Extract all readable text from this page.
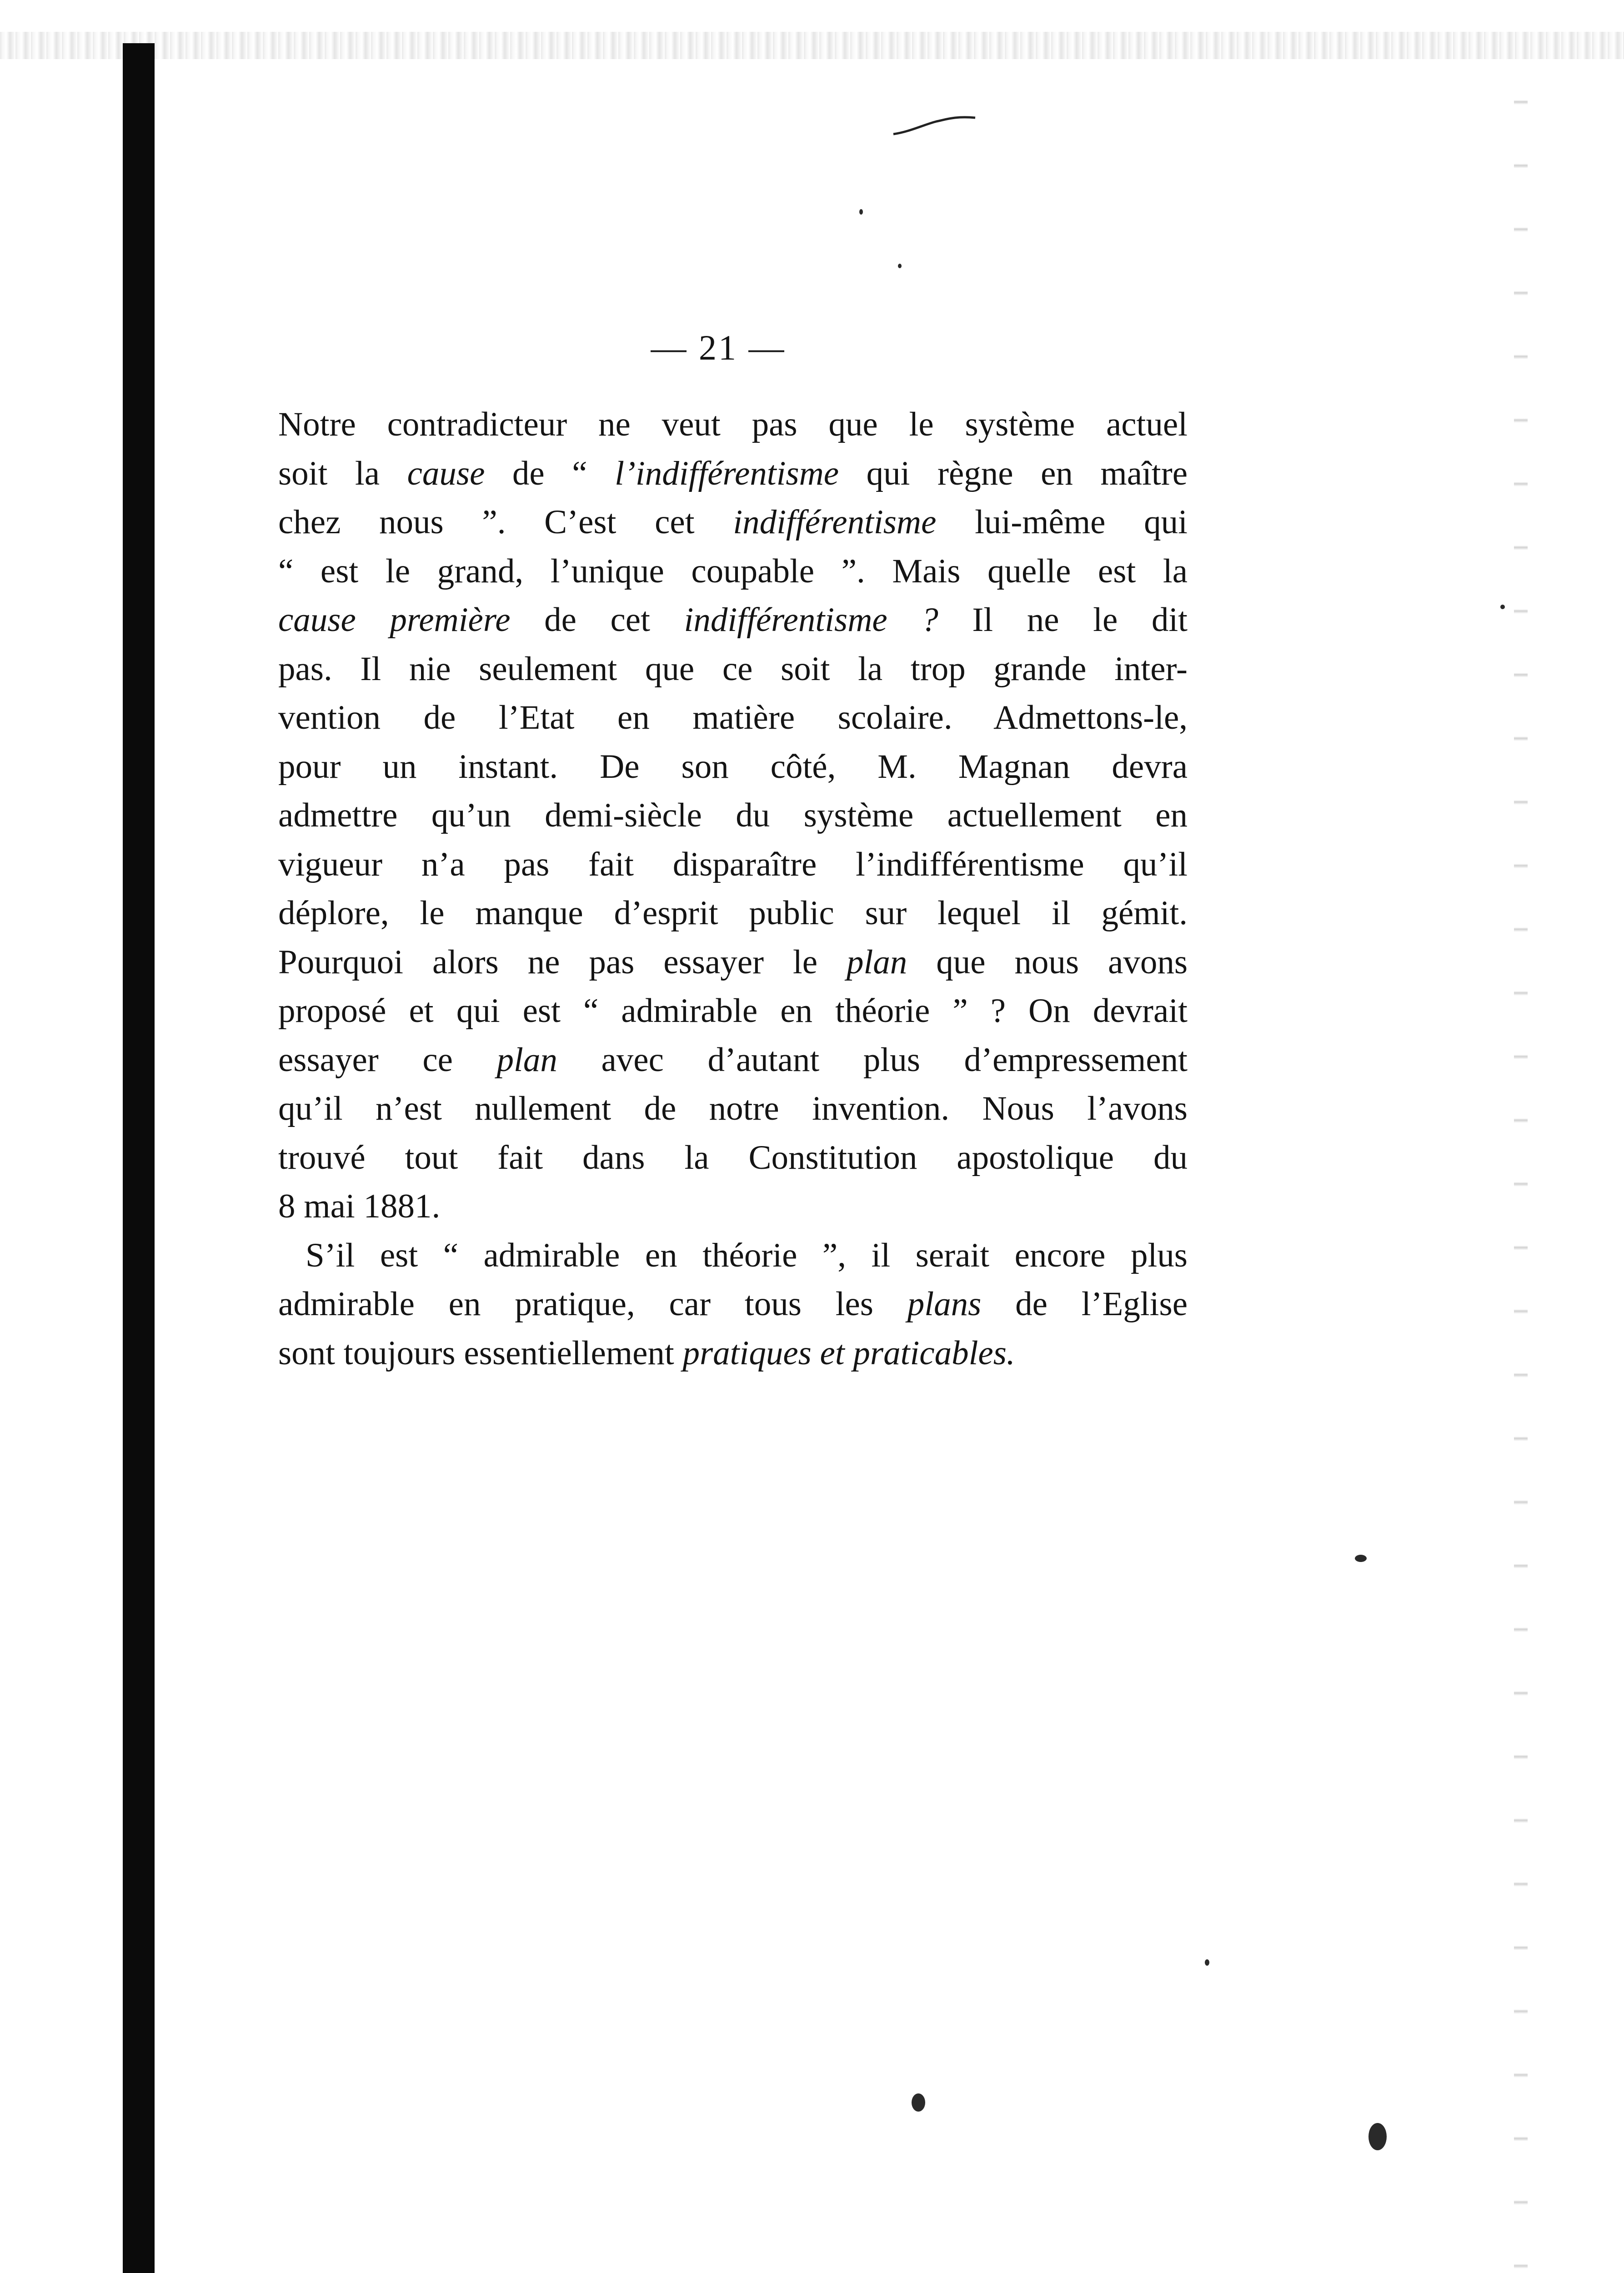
— 21 —
Notre contradicteur ne veut pas que le système actuel
soit la cause de “ l’indifférentisme qui règne en maître
chez nous ”. C’est cet indifférentisme lui-même qui
“ est le grand, l’unique coupable ”. Mais quelle est la
cause première de cet indifférentisme ? Il ne le dit
pas. Il nie seulement que ce soit la trop grande inter-
vention de l’Etat en matière scolaire. Admettons-le,
pour un instant. De son côté, M. Magnan devra
admettre qu’un demi-siècle du système actuellement en
vigueur n’a pas fait disparaître l’indifférentisme qu’il
déplore, le manque d’esprit public sur lequel il gémit.
Pourquoi alors ne pas essayer le plan que nous avons
proposé et qui est “ admirable en théorie ” ? On devrait
essayer ce plan avec d’autant plus d’empressement
qu’il n’est nullement de notre invention. Nous l’avons
trouvé tout fait dans la Constitution apostolique du
8 mai 1881.
S’il est “ admirable en théorie ”, il serait encore plus
admirable en pratique, car tous les plans de l’Eglise
sont toujours essentiellement pratiques et praticables.
